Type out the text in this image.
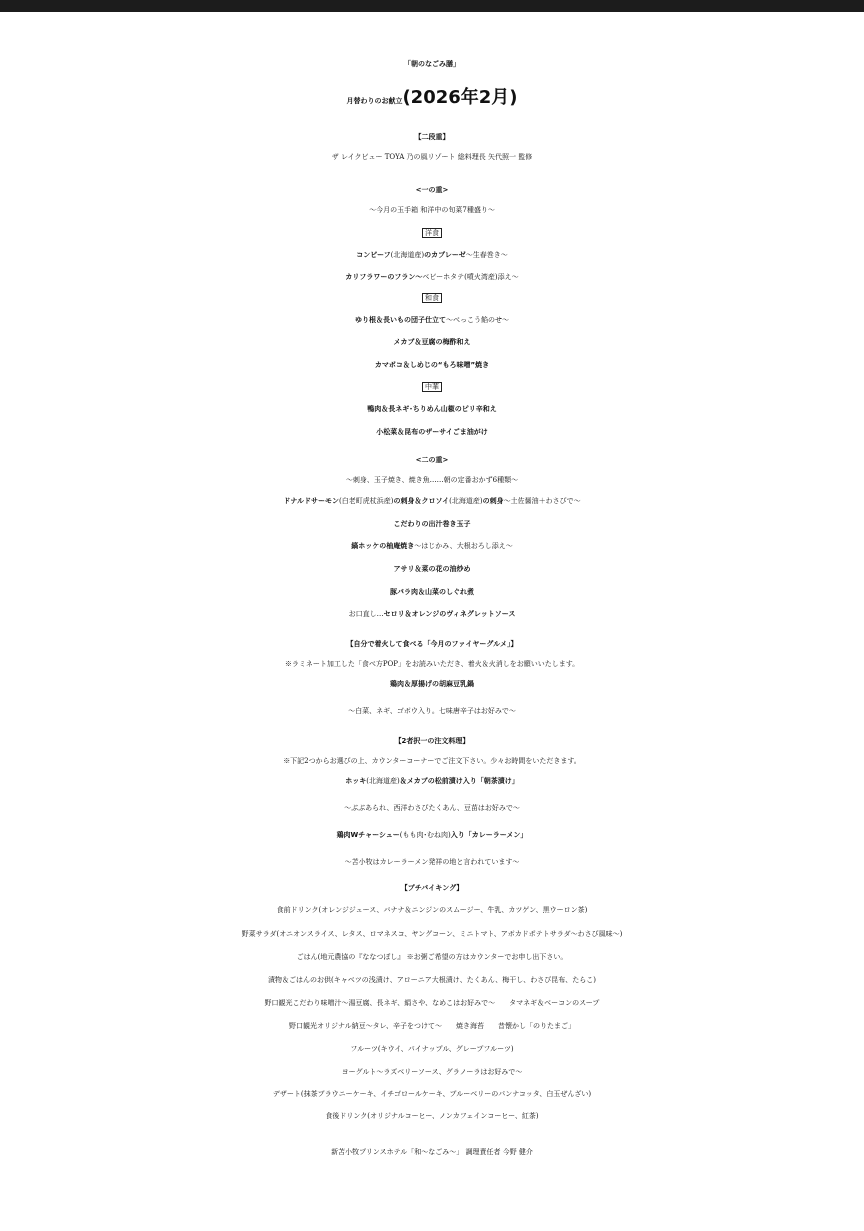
「朝のなごみ膳」
月替わりのお献立(2026年2月)
【二段重】
ザ レイクビュー TOYA 乃の風リゾート 総料理長 矢代照一 監修
<一の重>
～今月の玉手箱 和洋中の旬菜7種盛り～
洋食
コンビーフ(北海道産)のカプレーゼ～生春巻き～
カリフラワーのフラン～ベビーホタテ(噴火湾産)添え～
和食
ゆり根＆長いもの団子仕立て～べっこう餡のせ～
メカブ＆豆腐の梅酢和え
カマボコ＆しめじの“もろ味噌”焼き
中華
鴨肉＆長ネギ･ちりめん山椒のピリ辛和え
小松菜＆昆布のザーサイごま油がけ
<二の重>
～刺身、玉子焼き、焼き魚……朝の定番おかず6種類～
ドナルドサーモン(白老町虎杖浜産)の刺身＆クロソイ(北海道産)の刺身～土佐醤油＋わさびで～
こだわりの出汁巻き玉子
縞ホッケの柚庵焼き～はじかみ、大根おろし添え～
アサリ＆菜の花の油炒め
豚バラ肉＆山菜のしぐれ煮
お口直し…セロリ＆オレンジのヴィネグレットソース
【自分で着火して食べる「今月のファイヤーグルメ」】
※ラミネート加工した「食べ方POP」をお読みいただき、着火＆火消しをお願いいたします。
鶏肉＆厚揚げの胡麻豆乳鍋
～白菜、ネギ、ゴボウ入り。七味唐辛子はお好みで～
【2者択一の注文料理】
※下記2つからお選びの上、カウンターコーナーでご注文下さい。少々お時間をいただきます。
ホッキ(北海道産)＆メカブの松前漬け入り「朝茶漬け」
～ぶぶあられ、西洋わさびたくあん、豆苗はお好みで～
鶏肉Wチャーシュー(もも肉･むね肉)入り「カレーラーメン」
～苫小牧はカレーラーメン発祥の地と言われています～
【プチバイキング】
食前ドリンク(オレンジジュース、バナナ＆ニンジンのスムージー、牛乳、カツゲン、黒ウーロン茶)
野菜サラダ(オニオンスライス、レタス、ロマネスコ、ヤングコーン、ミニトマト、アボカドポテトサラダ～わさび風味～)
ごはん(地元農協の『ななつぼし』 ※お粥ご希望の方はカウンターでお申し出下さい。
漬物＆ごはんのお供(キャベツの浅漬け、アローニア大根漬け、たくあん、梅干し、わさび昆布、たらこ)
野口観光こだわり味噌汁～湯豆腐、長ネギ、絹さや、なめこはお好みで～　　タマネギ＆ベーコンのスープ
野口観光オリジナル納豆～タレ、辛子をつけて～　　焼き海苔　　昔懐かし「のりたまご」
フルーツ(キウイ、パイナップル、グレープフルーツ)
ヨーグルト～ラズベリーソース、グラノーラはお好みで～
デザート(抹茶ブラウニーケーキ、イチゴロールケーキ、ブルーベリーのパンナコッタ、白玉ぜんざい)
食後ドリンク(オリジナルコーヒー、ノンカフェインコーヒー、紅茶)
新苫小牧プリンスホテル「和～なごみ～」 調理責任者 今野 健介
